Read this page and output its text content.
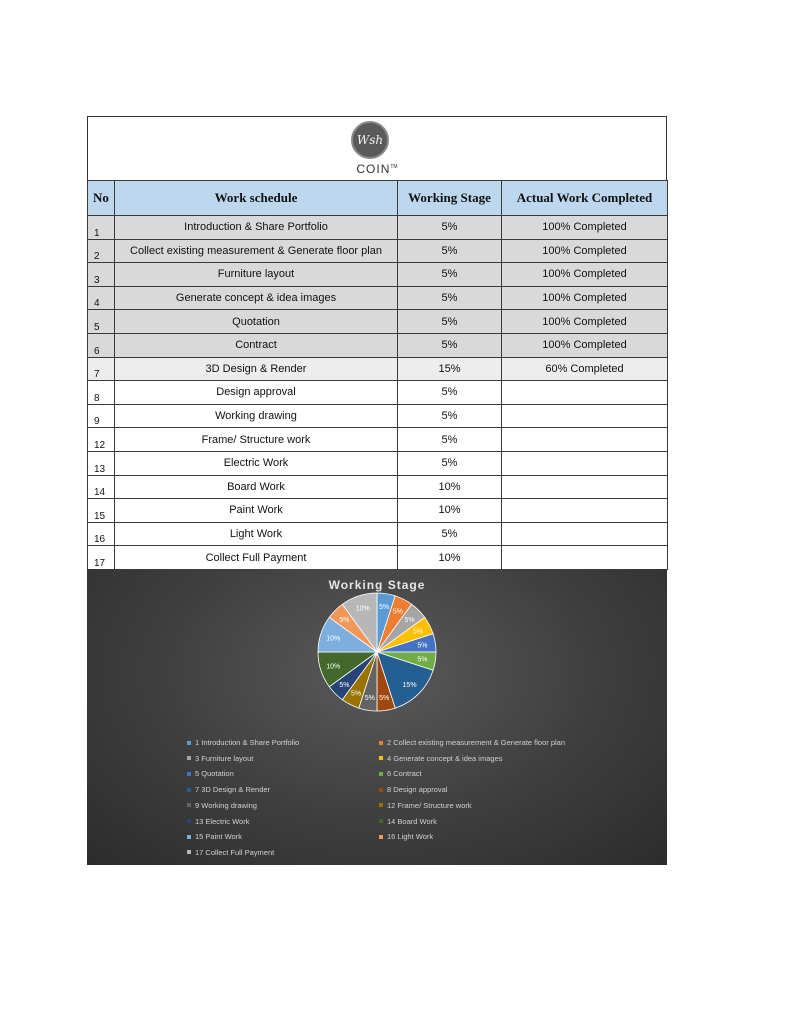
Wsh
COIN™
No	Work schedule	Working Stage	Actual Work Completed
1	Introduction & Share Portfolio	5%	100% Completed
2	Collect existing measurement & Generate floor plan	5%	100% Completed
3	Furniture layout	5%	100% Completed
4	Generate concept & idea images	5%	100% Completed
5	Quotation	5%	100% Completed
6	Contract	5%	100% Completed
7	3D Design & Render	15%	60% Completed
8	Design approval	5%	
9	Working drawing	5%	
12	Frame/ Structure work	5%	
13	Electric Work	5%	
14	Board Work	10%	
15	Paint Work	10%	
16	Light Work	5%	
17	Collect Full Payment	10%	
Working Stage
5%
5%
5%
5%
5%
5%
15%
5%
5%
5%
5%
10%
10%
5%
10%
1 Introduction & Share Portfolio	2 Collect existing measurement & Generate floor plan
3 Furniture layout	4 Generate concept & idea images
5 Quotation	6 Contract
7 3D Design & Render	8 Design approval
9 Working drawing	12 Frame/ Structure work
13 Electric Work	14 Board Work
15 Paint Work	16 Light Work
17 Collect Full Payment
